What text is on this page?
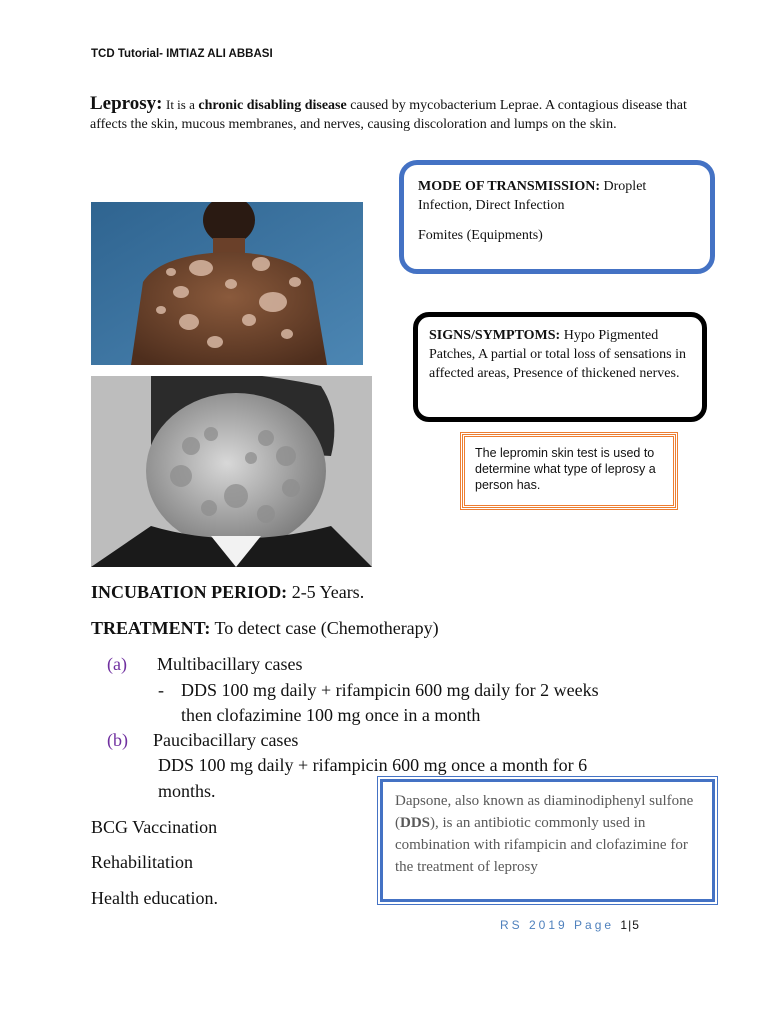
TCD Tutorial- IMTIAZ ALI ABBASI
Leprosy: It is a chronic disabling disease caused by mycobacterium Leprae. A contagious disease that affects the skin, mucous membranes, and nerves, causing discoloration and lumps on the skin.

MODE OF TRANSMISSION: Droplet Infection, Direct Infection

Fomites (Equipments)

SIGNS/SYMPTOMS: Hypo Pigmented Patches, A partial or total loss of sensations in affected areas, Presence of thickened nerves.
The lepromin skin test is used to determine what type of leprosy a person has.
INCUBATION PERIOD: 2-5 Years.
TREATMENT: To detect case (Chemotherapy)
(a) Multibacillary cases
- DDS 100 mg daily + rifampicin 600 mg daily for 2 weeks
then clofazimine 100 mg once in a month
(b) Paucibacillary cases
DDS 100 mg daily + rifampicin 600 mg once a month for 6
months.
BCG Vaccination
Rehabilitation
Health education.
Dapsone, also known as diaminodiphenyl sulfone (DDS), is an antibiotic commonly used in combination with rifampicin and clofazimine for the treatment of leprosy
RS 2019 Page 1|5
